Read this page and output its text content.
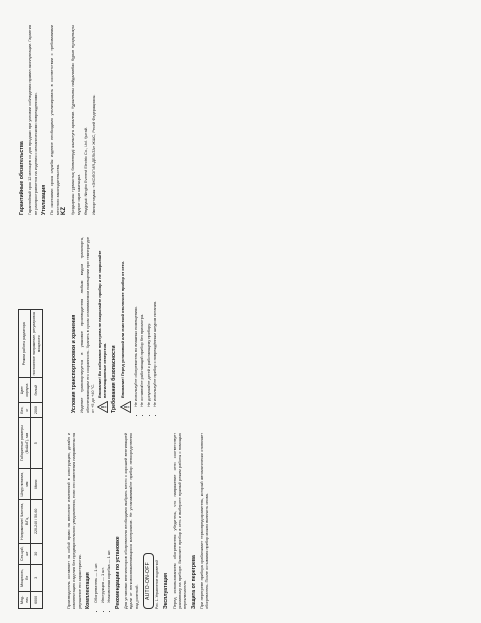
Мод-ель	Мощность, Вт	Сек-ций, шт	Напряжение/ Частота, В/Гц	Шнур питания, мм	Габаритные размеры (ВхШхГ), мм	Вес, кг	Цвет корпуса	Режим работы радиатора
6000	3	30	220-240 / 50-60	Мини	5	2000	белый	постоянное напряжение, регулировка мощности

Производитель оставляет за собой право на внесение изменений в конструкцию, дизайн и комплектацию изделия без предварительного уведомления, если эти изменения направлены на улучшение его характеристик. Комплектация • Обогреватель — 1 шт. • Инструкция — 1 шт. • Упаковочная коробка — 1 шт. Рекомендации по установке Для установки вентиляторов обогревателя необходимо выбрать место с хорошей вентиляцией вдали от легковоспламеняющихся материалов. Не устанавливайте прибор непосредственно под розеткой.	AUTO-ON-OFF Рис. 1. Управление подсветкой Эксплуатация Перед использованием обогревателя убедитесь, что напряжение сети соответствует указанному на приборе. Включите прибор в сеть и выберите нужный режим работы с помощью переключателя. Защита от перегрева При перегреве прибора срабатывает термопредохранитель, который автоматически отключает обогреватель. После остывания прибор можно включить снова.

Условия транспортировки и хранения Изделие транспортируется в упаковке производителя любым видом транспорта, обеспечивающим его сохранность. Хранить в сухом отапливаемом помещении при температуре от +5 до +40 °С.

Внимание! Во избежание перегрева не накрывайте прибор и не закрывайте вентиляционные отверстия. Требования безопасности Внимание! Перед установкой или очисткой отключите прибор от сети. • Не используйте обогреватель во влажных помещениях. • Не оставляйте работающий прибор без присмотра. • Не допускайте детей к работающему прибору. • Не используйте прибор с повреждённым шнуром питания.
Гарантийные обязательства Гарантийный срок 12 месяцев со дня продажи при условии соблюдения правил эксплуатации. Гарантия не распространяется на изделия с механическими повреждениями. Утилизация По окончании срока службы изделие необходимо утилизировать в соответствии с требованиями местного законодательства. KZ Қыздырғыш тұрмыстық бөлмелерді жылытуға арналған. Құрылғыны пайдаланбас бұрын нұсқаулықты мұқият оқып шығыңыз. Өндіруші: Ningbo Everest Electric Co., Ltd. Қытай. Импорттаушы: «ЭКОЛОГИЯ-ДЕЛЬТА» ЖШС, Ресей Федерациясы.
